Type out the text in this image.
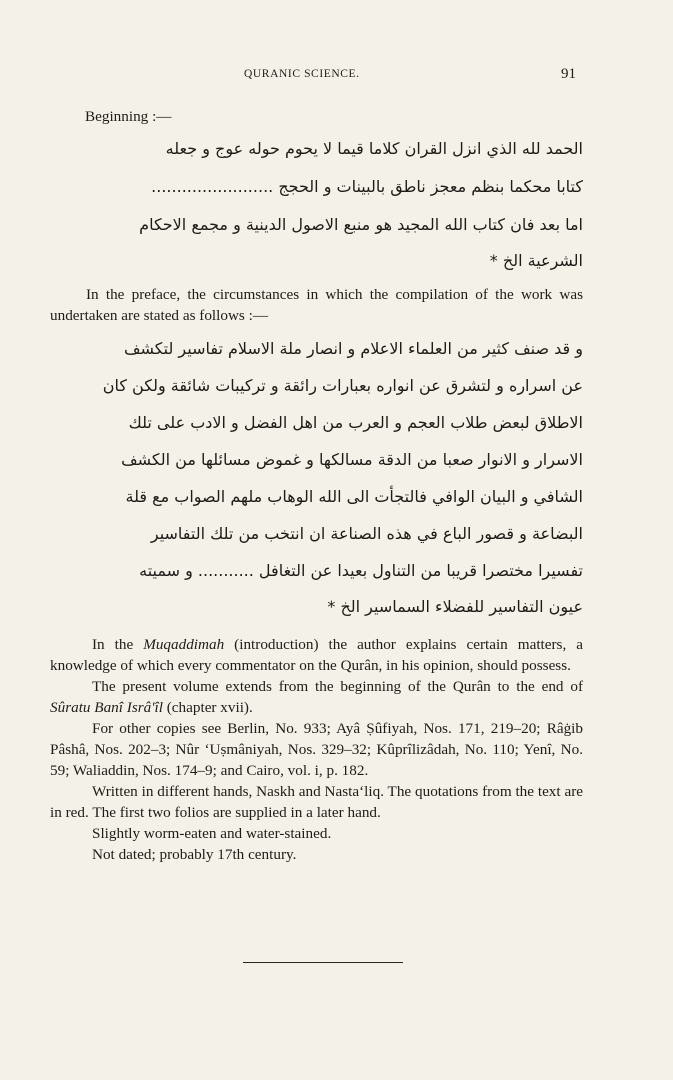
QURANIC SCIENCE.	91
Beginning :—
الحمد لله الذي انزل القران كلاما قيما لا يحوم حوله عوج و جعله
كتابا محكما بنظم معجز ناطق بالبينات و الحجج ........................
اما بعد فان كتاب الله المجيد هو منبع الاصول الدينية و مجمع الاحكام
الشرعية الخ *
In the preface, the circumstances in which the compilation of the work was undertaken are stated as follows :—
و قد صنف كثير من العلماء الاعلام و انصار ملة الاسلام تفاسير لتكشف
عن اسراره و لتشرق عن انواره بعبارات رائقة و تركيبات شائقة ولكن كان
الاطلاق لبعض طلاب العجم و العرب من اهل الفضل و الادب على تلك
الاسرار و الانوار صعبا من الدقة مسالكها و غموض مسائلها من الكشف
الشافي و البيان الوافي فالتجأت الى الله الوهاب ملهم الصواب مع قلة
البضاعة و قصور الباع في هذه الصناعة ان انتخب من تلك التفاسير
تفسيرا مختصرا قريبا من التناول بعيدا عن التغافل ........... و سميته
عيون التفاسير للفضلاء السماسير الخ *

In the Muqaddimah (introduction) the author explains certain matters, a knowledge of which every commentator on the Qurân, in his opinion, should possess.

The present volume extends from the beginning of the Qurân to the end of Sûratu Banî Isrâ'îl (chapter xvii).

For other copies see Berlin, No. 933; Ayâ Ṣûfiyah, Nos. 171, 219–20; Râġib Pâshâ, Nos. 202–3; Nûr ‘Uṣmâniyah, Nos. 329–32; Kûprîlizâdah, No. 110; Yenî, No. 59; Waliaddin, Nos. 174–9; and Cairo, vol. i, p. 182.

Written in different hands, Naskh and Nasta‘liq. The quotations from the text are in red. The first two folios are supplied in a later hand.

Slightly worm-eaten and water-stained.

Not dated; probably 17th century.
